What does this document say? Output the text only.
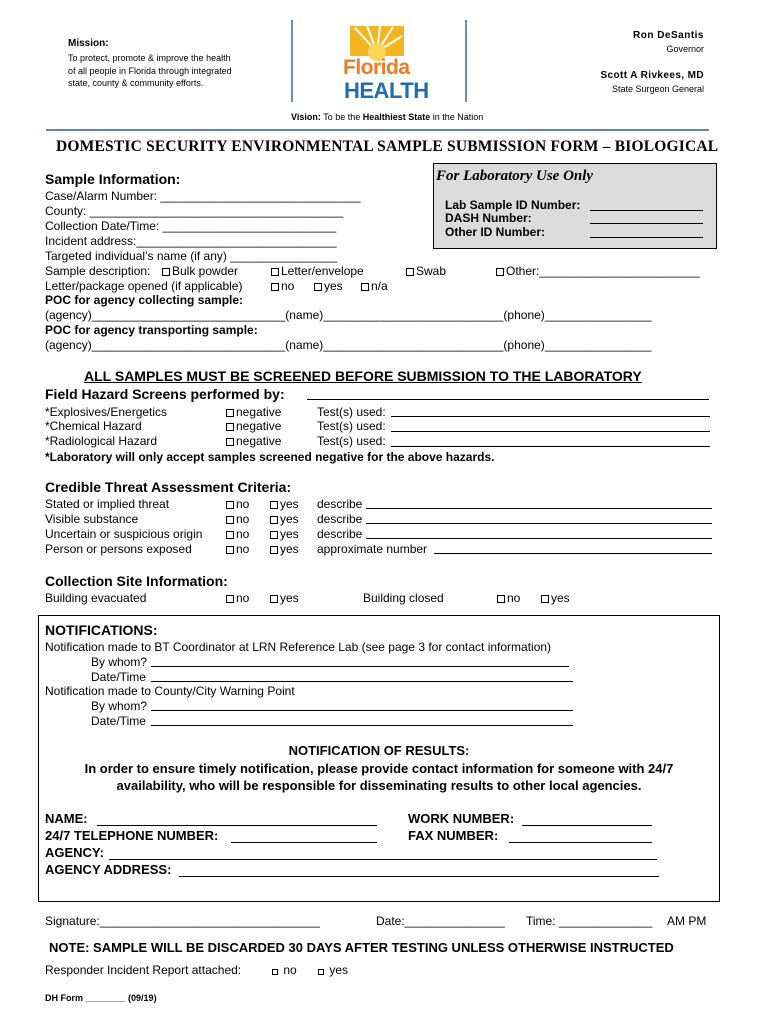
Mission:
To protect, promote & improve the health
of all people in Florida through integrated
state, county & community efforts.
Florida
HEALTH
Ron DeSantis
Governor
Scott A Rivkees, MD
State Surgeon General
Vision: To be the Healthiest State in the Nation
DOMESTIC SECURITY ENVIRONMENTAL SAMPLE SUBMISSION FORM – BIOLOGICAL
For Laboratory Use Only
Lab Sample ID Number:
DASH Number:
Other ID Number:
Sample Information:
Case/Alarm Number: ______________________________
County: ______________________________________
Collection Date/Time: __________________________
Incident address:______________________________
Targeted individual’s name (if any) ________________
Sample description:	Bulk powder	Letter/envelope	Swab	Other:________________________
Letter/package opened (if applicable)	no	yes	n/a
POC for agency collecting sample:
(agency)_____________________________(name)___________________________(phone)________________
POC for agency transporting sample:
(agency)_____________________________(name)___________________________(phone)________________
ALL SAMPLES MUST BE SCREENED BEFORE SUBMISSION TO THE LABORATORY
Field Hazard Screens performed by:
*Explosives/Energetics	negative	Test(s) used:
*Chemical Hazard	negative	Test(s) used:
*Radiological Hazard	negative	Test(s) used:
*Laboratory will only accept samples screened negative for the above hazards.
Credible Threat Assessment Criteria:
Stated or implied threat	no	yes describe
Visible substance	no	yes describe
Uncertain or suspicious origin	no	yes describe
Person or persons exposed	no	yes approximate number
Collection Site Information:
Building evacuated	no	yes	Building closed	no	yes
NOTIFICATIONS:
Notification made to BT Coordinator at LRN Reference Lab (see page 3 for contact information)
By whom?
Date/Time
Notification made to County/City Warning Point
By whom?
Date/Time
NOTIFICATION OF RESULTS:
In order to ensure timely notification, please provide contact information for someone with 24/7
availability, who will be responsible for disseminating results to other local agencies.
NAME:	WORK NUMBER:
24/7 TELEPHONE NUMBER:	FAX NUMBER:
AGENCY:
AGENCY ADDRESS:
Signature:_________________________________	Date:_______________ Time: ______________ AM PM
NOTE: SAMPLE WILL BE DISCARDED 30 DAYS AFTER TESTING UNLESS OTHERWISE INSTRUCTED
Responder Incident Report attached:	no	yes
DH Form ________ (09/19)
